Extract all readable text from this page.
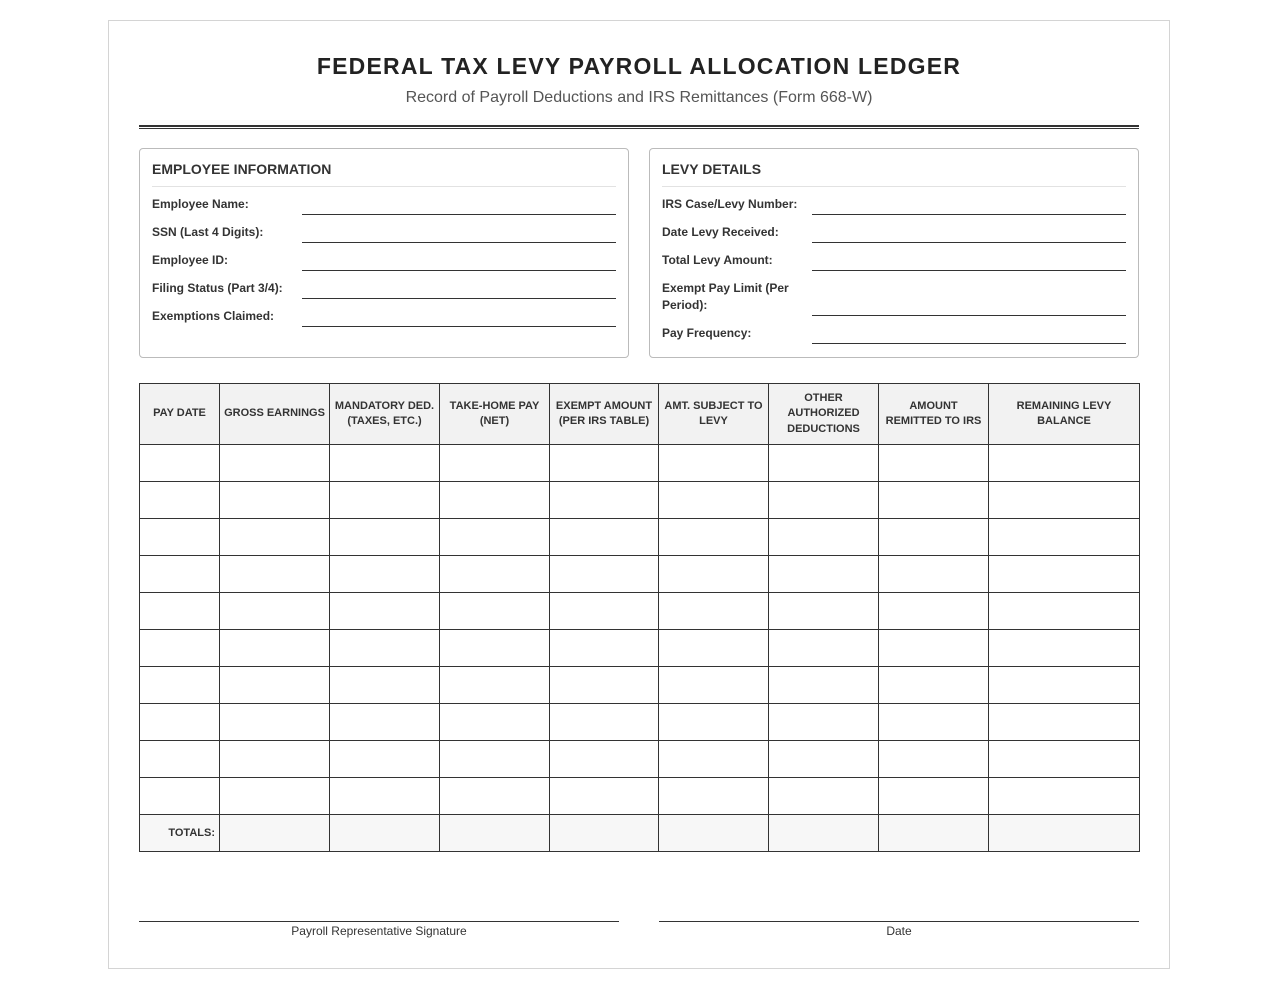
FEDERAL TAX LEVY PAYROLL ALLOCATION LEDGER
Record of Payroll Deductions and IRS Remittances (Form 668-W)
EMPLOYEE INFORMATION
Employee Name:
SSN (Last 4 Digits):
Employee ID:
Filing Status (Part 3/4):
Exemptions Claimed:
LEVY DETAILS
IRS Case/Levy Number:
Date Levy Received:
Total Levy Amount:
Exempt Pay Limit (Per Period):
Pay Frequency:
PAY DATE	GROSS EARNINGS	MANDATORY DED. (TAXES, ETC.)	TAKE-HOME PAY (NET)	EXEMPT AMOUNT (PER IRS TABLE)	AMT. SUBJECT TO LEVY	OTHER AUTHORIZED DEDUCTIONS	AMOUNT REMITTED TO IRS	REMAINING LEVY BALANCE

TOTALS:								
Payroll Representative Signature	Date
